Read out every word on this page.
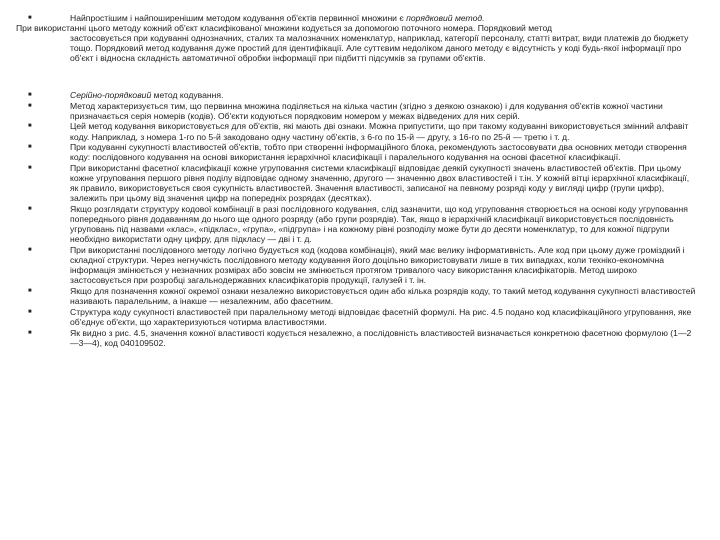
■	Найпростішим і найпоширенішим методом кодування об'єктів первинної множини є порядковий метод.
При використанні цього методу кожний об'єкт класифікованої множини кодується за допомогою поточного номера. Порядковий метод
застосовується при кодуванні однозначних, сталих та малозначних номенклатур, наприклад, категорії персоналу, статті витрат, види платежів до бюджету тощо. Порядковий метод кодування дуже простий для ідентифікації. Але суттєвим недоліком даного методу є відсутність у коді будь-якої інформації про об'єкт і відносна складність автоматичної обробки інформації при підбитті підсумків за групами об'єктів.
■	Серійно-порядковий метод кодування.
■	Метод характеризується тим, що первинна множина поділяється на кілька частин (згідно з деякою ознакою) і для кодування об'єктів кожної частини призначається серія номерів (кодів). Об'єкти кодуються порядковим номером у межах відведених для них серій.
■	Цей метод кодування використовується для об'єктів, які мають дві ознаки. Можна припустити, що при такому кодуванні використовується змінний алфавіт коду. Наприклад, з номера 1-го по 5-й закодовано одну частину об'єктів, з 6-го по 15-й — другу, з 16-го по 25-й — третю і т. д.
■	При кодуванні сукупності властивостей об'єктів, тобто при створенні інформаційного блока, рекомендують застосовувати два основних методи створення коду: послідовного кодування на основі використання ієрархічної класифікації і паралельного кодування на основі фасетної класифікації.
■	При використанні фасетної класифікації кожне угруповання системи класифікації відповідає деякій сукупності значень властивостей об'єктів. При цьому кожне угруповання першого рівня поділу відповідає одному значенню, другого — значенню двох властивостей і т.ін. У кожній вітці ієрархічної класифікації, як правило, використовується своя сукупність властивостей. Значення властивості, записаної на певному розряді коду у вигляді цифр (групи цифр), залежить при цьому від значення цифр на попередніх розрядах (десятках).
■	Якщо розглядати структуру кодової комбінації в разі послідовного кодування, слід зазначити, що код угруповання створюється на основі коду угруповання попереднього рівня додаванням до нього ще одного розряду (або групи розрядів). Так, якщо в ієрархічній класифікації використовується послідовність угруповань під назвами «клас», «підклас», «група», «підгрупа» і на кожному рівні розподілу може бути до десяти номенклатур, то для кожної підгрупи необхідно використати одну цифру, для підкласу — дві і т. д.
■	При використанні послідовного методу логічно будується код (кодова комбінація), який має велику інформативність. Але код при цьому дуже громіздкий і складної структури. Через негнучкість послідовного методу кодування його доцільно використовувати лише в тих випадках, коли техніко-економічна інформація змінюється у незначних розмірах або зовсім не змінюється протягом тривалого часу використання класифікаторів. Метод широко застосовується при розробці загальнодержавних класифікаторів продукції, галузей і т. ін.
■	Якщо для позначення кожної окремої ознаки незалежно використовується один або кілька розрядів коду, то такий метод кодування сукупності властивостей називають паралельним, а інакше — незалежним, або фасетним.
■	Структура коду сукупності властивостей при паралельному методі відповідає фасетній формулі. На рис. 4.5 подано код класифікаційного угруповання, яке об'єднує об'єкти, що характеризуються чотирма властивостями.
■	Як видно з рис. 4.5, значення кожної властивості кодується незалежно, а послідовність властивостей визначається конкретною фасетною формулою (1—2—3—4), код 040109502.
